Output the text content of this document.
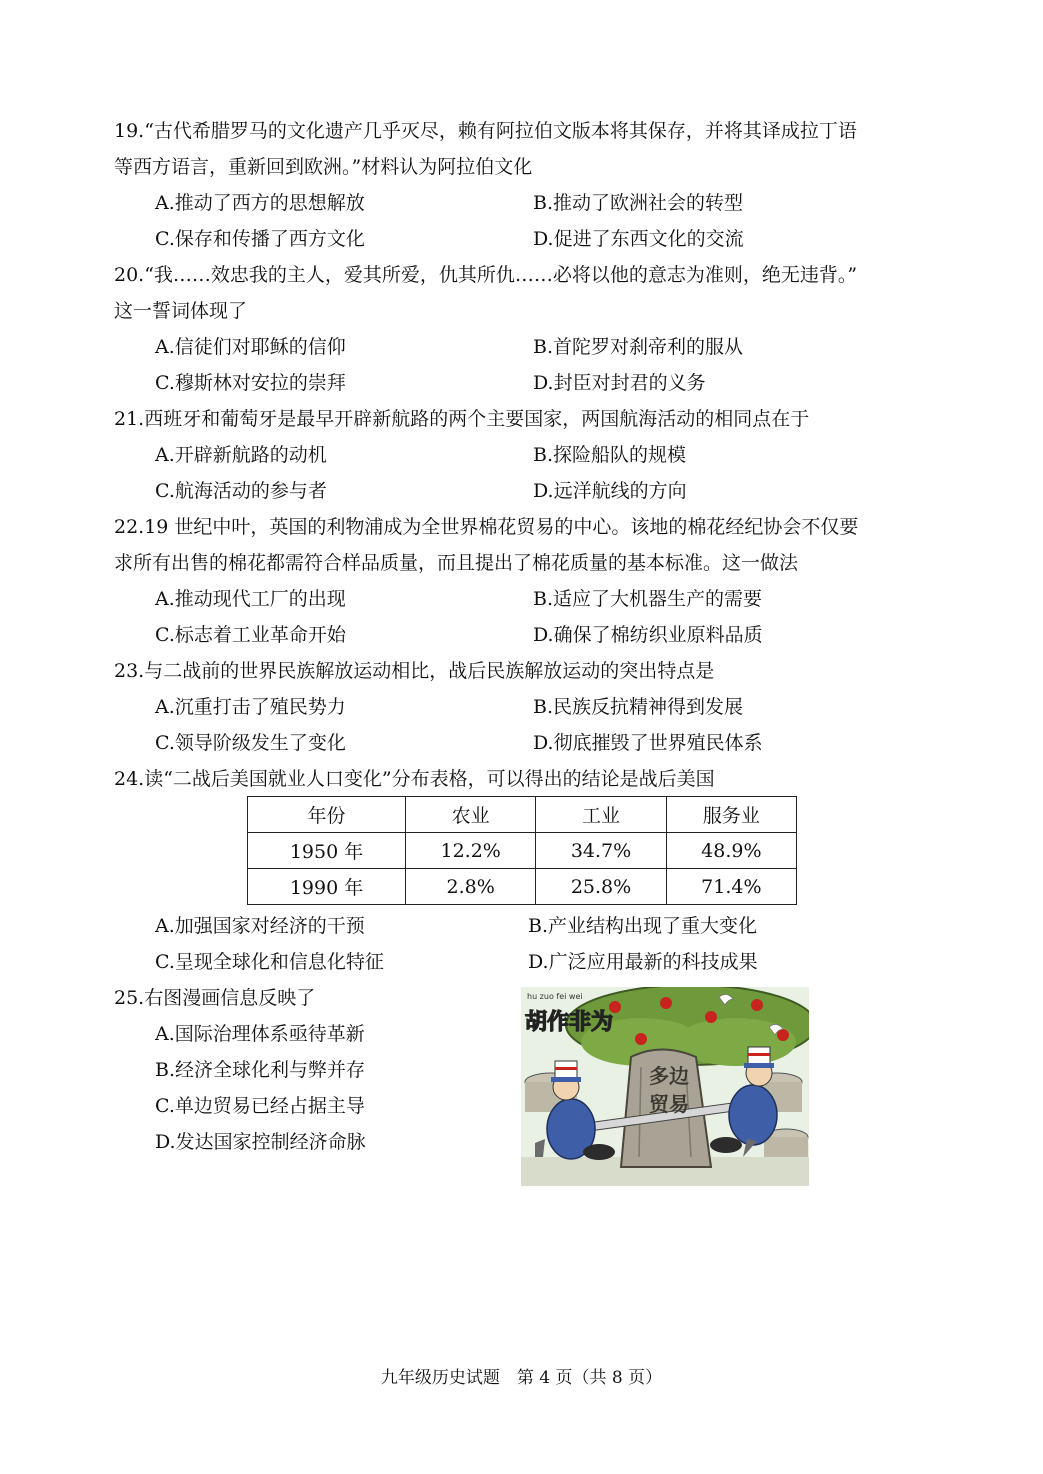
19.“古代希腊罗马的文化遗产几乎灭尽，赖有阿拉伯文版本将其保存，并将其译成拉丁语
等西方语言，重新回到欧洲。”材料认为阿拉伯文化
A.推动了西方的思想解放	B.推动了欧洲社会的转型
C.保存和传播了西方文化	D.促进了东西文化的交流
20.“我……效忠我的主人，爱其所爱，仇其所仇……必将以他的意志为准则，绝无违背。”
这一誓词体现了
A.信徒们对耶稣的信仰	B.首陀罗对刹帝利的服从
C.穆斯林对安拉的崇拜	D.封臣对封君的义务
21.西班牙和葡萄牙是最早开辟新航路的两个主要国家，两国航海活动的相同点在于
A.开辟新航路的动机	B.探险船队的规模
C.航海活动的参与者	D.远洋航线的方向
22.19 世纪中叶，英国的利物浦成为全世界棉花贸易的中心。该地的棉花经纪协会不仅要
求所有出售的棉花都需符合样品质量，而且提出了棉花质量的基本标准。这一做法
A.推动现代工厂的出现	B.适应了大机器生产的需要
C.标志着工业革命开始	D.确保了棉纺织业原料品质
23.与二战前的世界民族解放运动相比，战后民族解放运动的突出特点是
A.沉重打击了殖民势力	B.民族反抗精神得到发展
C.领导阶级发生了变化	D.彻底摧毁了世界殖民体系
24.读“二战后美国就业人口变化”分布表格，可以得出的结论是战后美国
年份	农业	工业	服务业
1950 年	12.2%	34.7%	48.9%
1990 年	2.8%	25.8%	71.4%
A.加强国家对经济的干预	B.产业结构出现了重大变化
C.呈现全球化和信息化特征	D.广泛应用最新的科技成果
25.右图漫画信息反映了
A.国际治理体系亟待革新
B.经济全球化利与弊并存
C.单边贸易已经占据主导
D.发达国家控制经济命脉
hu zuo fei wei
胡作非为
多边
贸易
九年级历史试题　第 4 页（共 8 页）
